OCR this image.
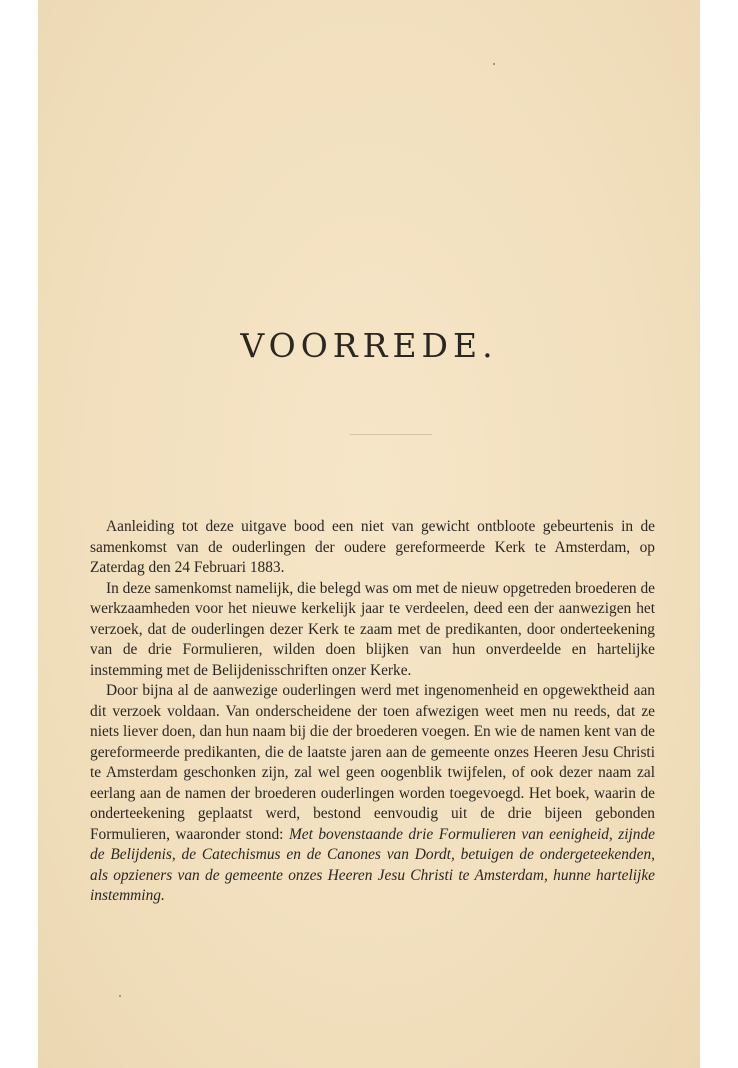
VOORREDE.

Aanleiding tot deze uitgave bood een niet van gewicht ontbloote gebeurtenis in de samenkomst van de ouderlingen der oudere gereformeerde Kerk te Amsterdam, op Zaterdag den 24 Februari 1883.

In deze samenkomst namelijk, die belegd was om met de nieuw opgetreden broederen de werkzaamheden voor het nieuwe kerkelijk jaar te verdeelen, deed een der aanwezigen het verzoek, dat de ouderlingen dezer Kerk te zaam met de predikanten, door onderteekening van de drie Formulieren, wilden doen blijken van hun onverdeelde en hartelijke instemming met de Belijdenisschriften onzer Kerke.

Door bijna al de aanwezige ouderlingen werd met ingenomenheid en opgewektheid aan dit verzoek voldaan. Van onderscheidene der toen afwezigen weet men nu reeds, dat ze niets liever doen, dan hun naam bij die der broederen voegen. En wie de namen kent van de gereformeerde predikanten, die de laatste jaren aan de gemeente onzes Heeren Jesu Christi te Amsterdam geschonken zijn, zal wel geen oogenblik twijfelen, of ook dezer naam zal eerlang aan de namen der broederen ouderlingen worden toegevoegd. Het boek, waarin de onderteekening geplaatst werd, bestond eenvoudig uit de drie bijeen gebonden Formulieren, waaronder stond: Met bovenstaande drie Formulieren van eenigheid, zijnde de Belijdenis, de Catechismus en de Canones van Dordt, betuigen de ondergeteekenden, als opzieners van de gemeente onzes Heeren Jesu Christi te Amsterdam, hunne hartelijke instemming.
